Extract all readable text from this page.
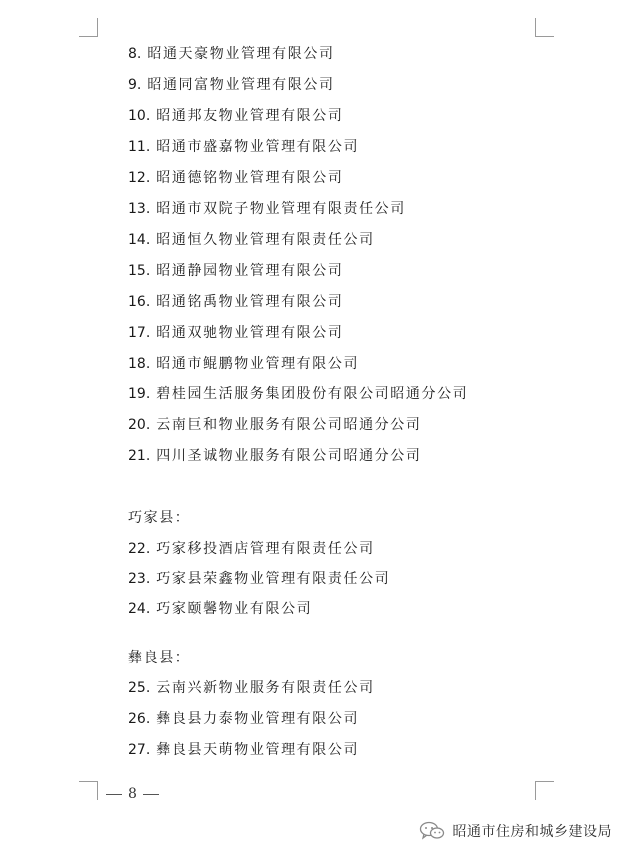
8. 昭通天豪物业管理有限公司
9. 昭通同富物业管理有限公司
10. 昭通邦友物业管理有限公司
11. 昭通市盛嘉物业管理有限公司
12. 昭通德铭物业管理有限公司
13. 昭通市双院子物业管理有限责任公司
14. 昭通恒久物业管理有限责任公司
15. 昭通静园物业管理有限公司
16. 昭通铭禹物业管理有限公司
17. 昭通双驰物业管理有限公司
18. 昭通市鲲鹏物业管理有限公司
19. 碧桂园生活服务集团股份有限公司昭通分公司
20. 云南巨和物业服务有限公司昭通分公司
21. 四川圣诚物业服务有限公司昭通分公司
巧家县：
22. 巧家移投酒店管理有限责任公司
23. 巧家县荣鑫物业管理有限责任公司
24. 巧家颐馨物业有限公司
彝良县：
25. 云南兴新物业服务有限责任公司
26. 彝良县力泰物业管理有限公司
27. 彝良县天萌物业管理有限公司
8
昭通市住房和城乡建设局
